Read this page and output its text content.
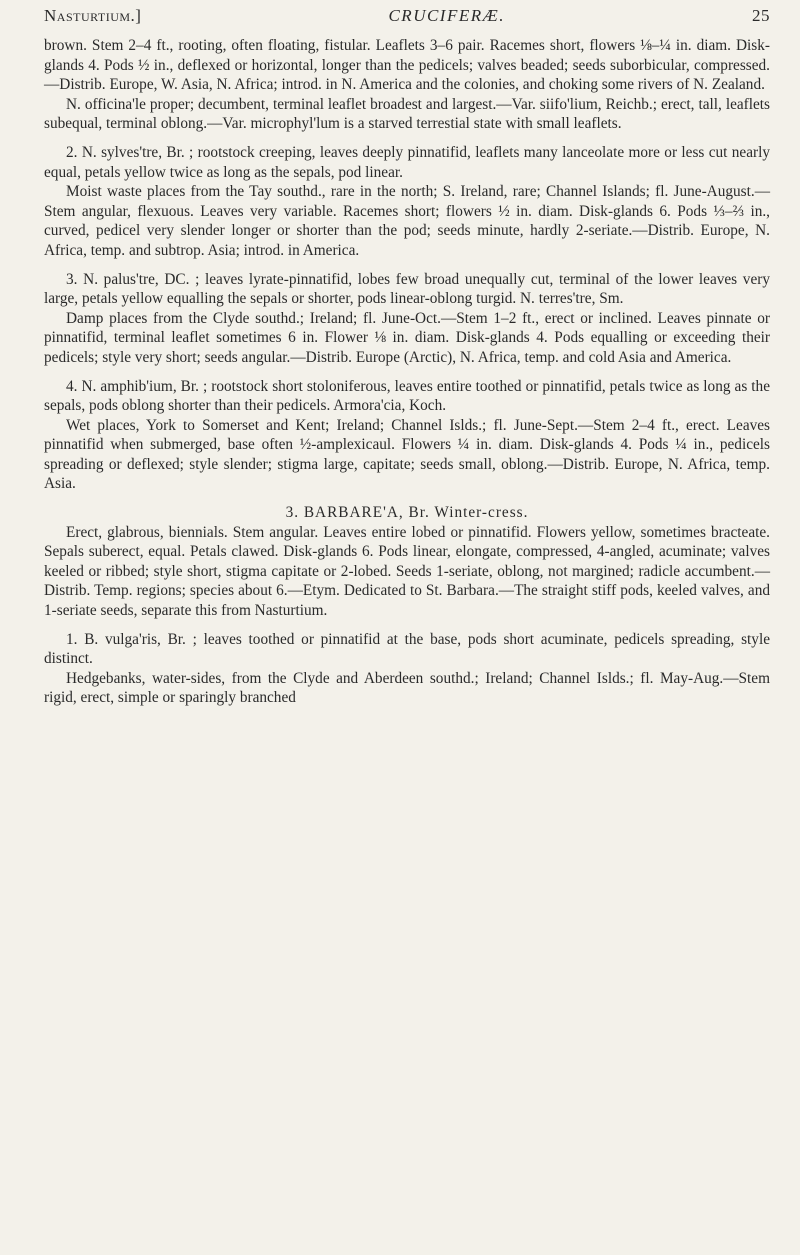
Nasturtium.]	CRUCIFERÆ.	25

brown. Stem 2–4 ft., rooting, often floating, fistular. Leaflets 3–6 pair. Racemes short, flowers ⅛–¼ in. diam. Disk-glands 4. Pods ½ in., deflexed or horizontal, longer than the pedicels; valves beaded; seeds suborbicular, compressed.—Distrib. Europe, W. Asia, N. Africa; introd. in N. America and the colonies, and choking some rivers of N. Zealand.

N. officina'le proper; decumbent, terminal leaflet broadest and largest.—Var. siifo'lium, Reichb.; erect, tall, leaflets subequal, terminal oblong.—Var. microphyl'lum is a starved terrestial state with small leaflets.

2. N. sylves'tre, Br. ; rootstock creeping, leaves deeply pinnatifid, leaflets many lanceolate more or less cut nearly equal, petals yellow twice as long as the sepals, pod linear.

Moist waste places from the Tay southd., rare in the north; S. Ireland, rare; Channel Islands; fl. June-August.—Stem angular, flexuous. Leaves very variable. Racemes short; flowers ½ in. diam. Disk-glands 6. Pods ⅓–⅔ in., curved, pedicel very slender longer or shorter than the pod; seeds minute, hardly 2-seriate.—Distrib. Europe, N. Africa, temp. and subtrop. Asia; introd. in America.

3. N. palus'tre, DC. ; leaves lyrate-pinnatifid, lobes few broad unequally cut, terminal of the lower leaves very large, petals yellow equalling the sepals or shorter, pods linear-oblong turgid. N. terres'tre, Sm.

Damp places from the Clyde southd.; Ireland; fl. June-Oct.—Stem 1–2 ft., erect or inclined. Leaves pinnate or pinnatifid, terminal leaflet sometimes 6 in. Flower ⅛ in. diam. Disk-glands 4. Pods equalling or exceeding their pedicels; style very short; seeds angular.—Distrib. Europe (Arctic), N. Africa, temp. and cold Asia and America.

4. N. amphib'ium, Br. ; rootstock short stoloniferous, leaves entire toothed or pinnatifid, petals twice as long as the sepals, pods oblong shorter than their pedicels. Armora'cia, Koch.

Wet places, York to Somerset and Kent; Ireland; Channel Islds.; fl. June-Sept.—Stem 2–4 ft., erect. Leaves pinnatifid when submerged, base often ½-amplexicaul. Flowers ¼ in. diam. Disk-glands 4. Pods ¼ in., pedicels spreading or deflexed; style slender; stigma large, capitate; seeds small, oblong.—Distrib. Europe, N. Africa, temp. Asia.

3. BARBARE'A, Br. Winter-cress.

Erect, glabrous, biennials. Stem angular. Leaves entire lobed or pinnatifid. Flowers yellow, sometimes bracteate. Sepals suberect, equal. Petals clawed. Disk-glands 6. Pods linear, elongate, compressed, 4-angled, acuminate; valves keeled or ribbed; style short, stigma capitate or 2-lobed. Seeds 1-seriate, oblong, not margined; radicle accumbent.—Distrib. Temp. regions; species about 6.—Etym. Dedicated to St. Barbara.—The straight stiff pods, keeled valves, and 1-seriate seeds, separate this from Nasturtium.

1. B. vulga'ris, Br. ; leaves toothed or pinnatifid at the base, pods short acuminate, pedicels spreading, style distinct.

Hedgebanks, water-sides, from the Clyde and Aberdeen southd.; Ireland; Channel Islds.; fl. May-Aug.—Stem rigid, erect, simple or sparingly branched
